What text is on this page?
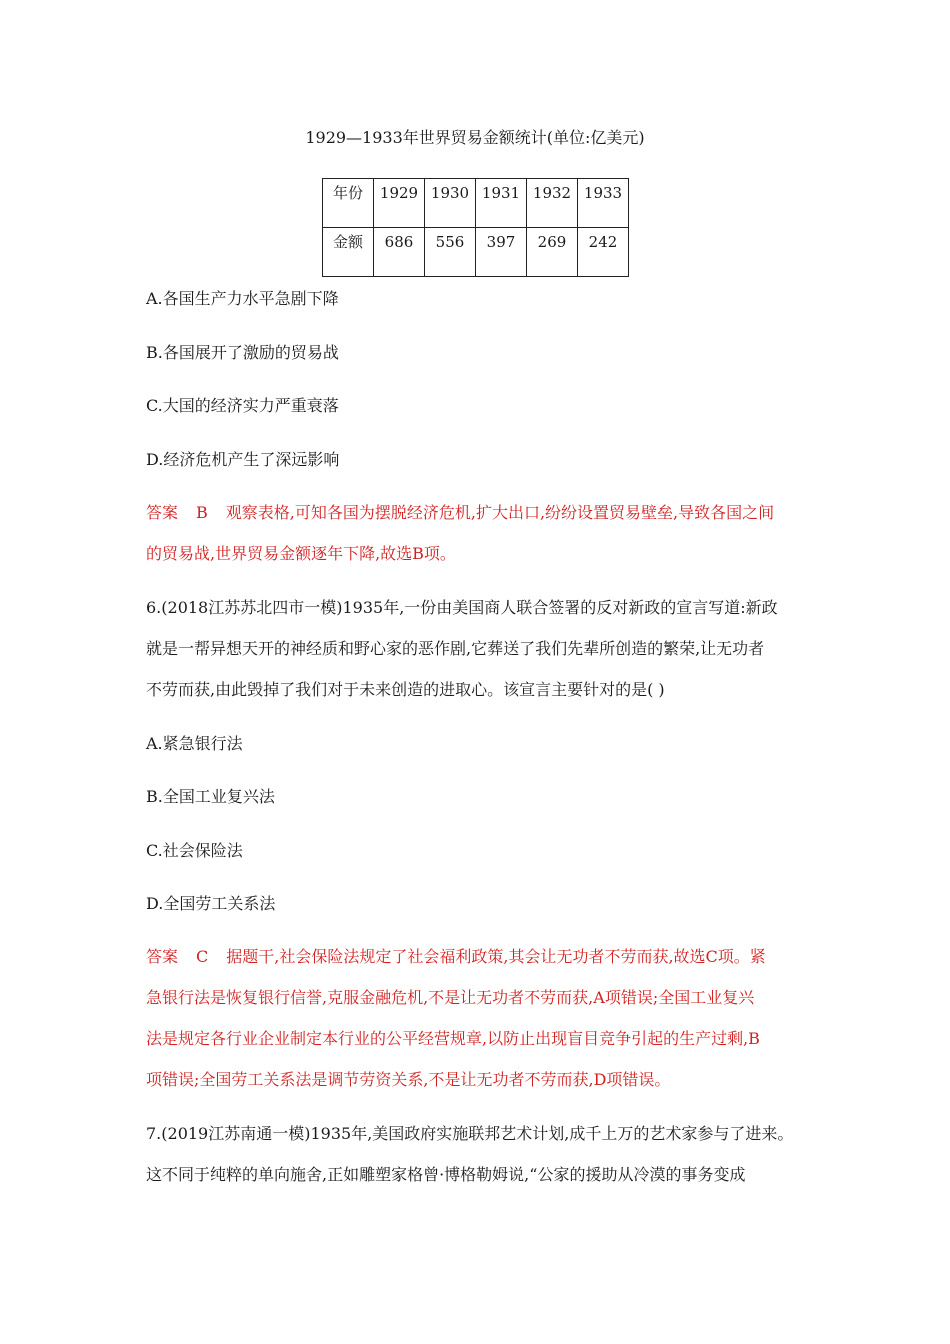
1929—1933年世界贸易金额统计(单位:亿美元)
年份	1929	1930	1931	1932	1933
金额	686	556	397	269	242
A.各国生产力水平急剧下降
B.各国展开了激励的贸易战
C.大国的经济实力严重衰落
D.经济危机产生了深远影响
答案 B 观察表格,可知各国为摆脱经济危机,扩大出口,纷纷设置贸易壁垒,导致各国之间
的贸易战,世界贸易金额逐年下降,故选B项。
6.(2018江苏苏北四市一模)1935年,一份由美国商人联合签署的反对新政的宣言写道:新政
就是一帮异想天开的神经质和野心家的恶作剧,它葬送了我们先辈所创造的繁荣,让无功者
不劳而获,由此毁掉了我们对于未来创造的进取心。该宣言主要针对的是( )
A.紧急银行法
B.全国工业复兴法
C.社会保险法
D.全国劳工关系法
答案 C 据题干,社会保险法规定了社会福利政策,其会让无功者不劳而获,故选C项。紧
急银行法是恢复银行信誉,克服金融危机,不是让无功者不劳而获,A项错误;全国工业复兴
法是规定各行业企业制定本行业的公平经营规章,以防止出现盲目竞争引起的生产过剩,B
项错误;全国劳工关系法是调节劳资关系,不是让无功者不劳而获,D项错误。
7.(2019江苏南通一模)1935年,美国政府实施联邦艺术计划,成千上万的艺术家参与了进来。
这不同于纯粹的单向施舍,正如雕塑家格曾·博格勒姆说,“公家的援助从冷漠的事务变成
